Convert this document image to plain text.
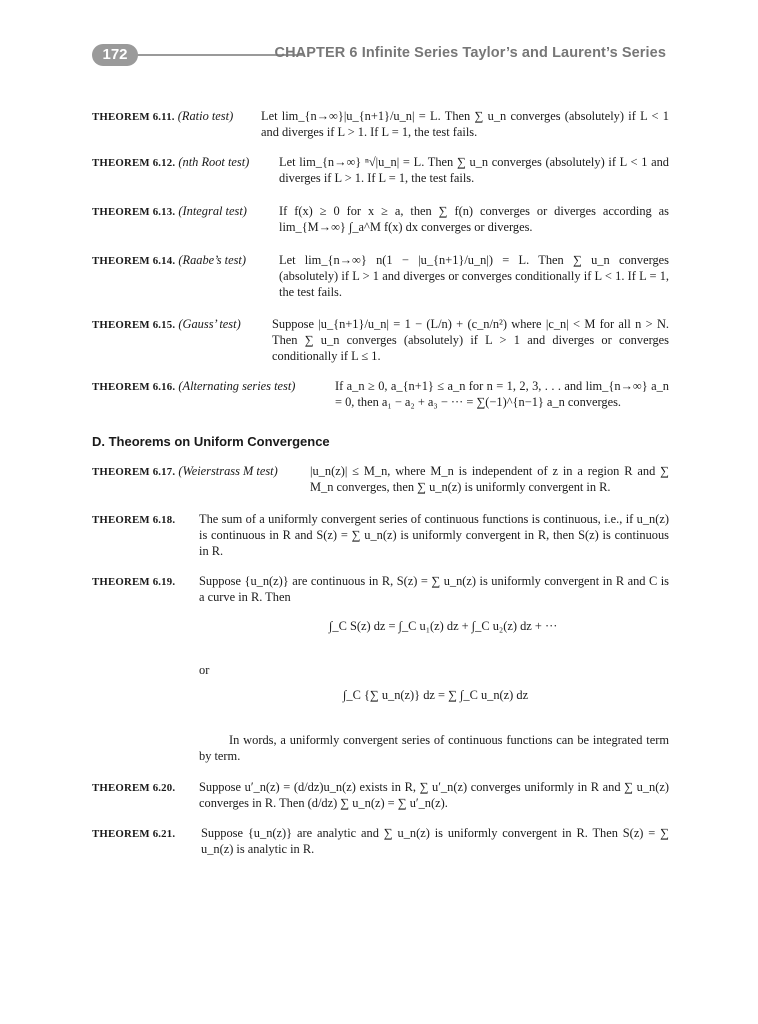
172	CHAPTER 6 Infinite Series Taylor’s and Laurent’s Series
THEOREM 6.11. (Ratio test) Let lim_{n→∞}|u_{n+1}/u_n| = L. Then ∑ u_n converges (absolutely) if L < 1 and diverges if L > 1. If L = 1, the test fails.
THEOREM 6.12. (nth Root test) Let lim_{n→∞} ⁿ√|u_n| = L. Then ∑ u_n converges (absolutely) if L < 1 and diverges if L > 1. If L = 1, the test fails.
THEOREM 6.13. (Integral test)	If f(x) ≥ 0 for x ≥ a, then ∑ f(n) converges or diverges according as lim_{M→∞} ∫_a^M f(x) dx converges or diverges.
THEOREM 6.14. (Raabe’s test)	Let lim_{n→∞} n(1 − |u_{n+1}/u_n|) = L. Then ∑ u_n converges (absolutely) if L > 1 and diverges or converges conditionally if L < 1. If L = 1, the test fails.
THEOREM 6.15. (Gauss’ test)	Suppose |u_{n+1}/u_n| = 1 − (L/n) + (c_n/n²) where |c_n| < M for all n > N. Then ∑ u_n converges (absolutely) if L > 1 and diverges or converges conditionally if L ≤ 1.
THEOREM 6.16. (Alternating series test)	If a_n ≥ 0, a_{n+1} ≤ a_n for n = 1, 2, 3, . . . and lim_{n→∞} a_n = 0, then a₁ − a₂ + a₃ − ··· = ∑(−1)^{n−1} a_n converges.
D. Theorems on Uniform Convergence
THEOREM 6.17. (Weierstrass M test)	|u_n(z)| ≤ M_n, where M_n is independent of z in a region R and ∑ M_n converges, then ∑ u_n(z) is uniformly convergent in R.
THEOREM 6.18. The sum of a uniformly convergent series of continuous functions is continuous, i.e., if u_n(z) is continuous in R and S(z) = ∑ u_n(z) is uniformly convergent in R, then S(z) is continuous in R.
THEOREM 6.19. Suppose {u_n(z)} are continuous in R, S(z) = ∑ u_n(z) is uniformly convergent in R and C is a curve in R. Then
∫_C S(z) dz = ∫_C u₁(z) dz + ∫_C u₂(z) dz + ···
or
∫_C {∑ u_n(z)} dz = ∑ ∫_C u_n(z) dz
In words, a uniformly convergent series of continuous functions can be integrated term by term.
THEOREM 6.20. Suppose u′_n(z) = (d/dz)u_n(z) exists in R, ∑ u′_n(z) converges uniformly in R and ∑ u_n(z) converges in R. Then (d/dz) ∑ u_n(z) = ∑ u′_n(z).
THEOREM 6.21. Suppose {u_n(z)} are analytic and ∑ u_n(z) is uniformly convergent in R. Then S(z) = ∑ u_n(z) is analytic in R.
